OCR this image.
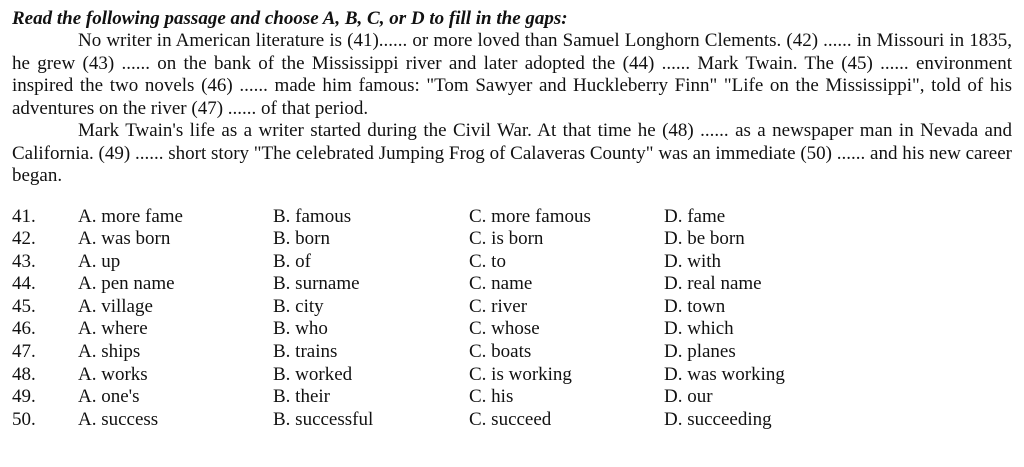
Read the following passage and choose A, B, C, or D to fill in the gaps:

No writer in American literature is (41)...... or more loved than Samuel Longhorn Clements. (42) ...... in Missouri in 1835, he grew (43) ...... on the bank of the Mississippi river and later adopted the (44) ...... Mark Twain. The (45) ...... environment inspired the two novels (46) ...... made him famous: "Tom Sawyer and Huckleberry Finn" "Life on the Mississippi", told of his adventures on the river (47) ...... of that period.

Mark Twain's life as a writer started during the Civil War. At that time he (48) ...... as a newspaper man in Nevada and California. (49) ...... short story "The celebrated Jumping Frog of Calaveras County" was an immediate (50) ...... and his new career began.

41.	A. more fame	B. famous	C. more famous	D. fame
42.	A. was born	B. born	C. is born	D. be born
43.	A. up	B. of	C. to	D. with
44.	A. pen name	B. surname	C. name	D. real name
45.	A. village	B. city	C. river	D. town
46.	A. where	B. who	C. whose	D. which
47.	A. ships	B. trains	C. boats	D. planes
48.	A. works	B. worked	C. is working	D. was working
49.	A. one's	B. their	C. his	D. our
50.	A. success	B. successful	C. succeed	D. succeeding
